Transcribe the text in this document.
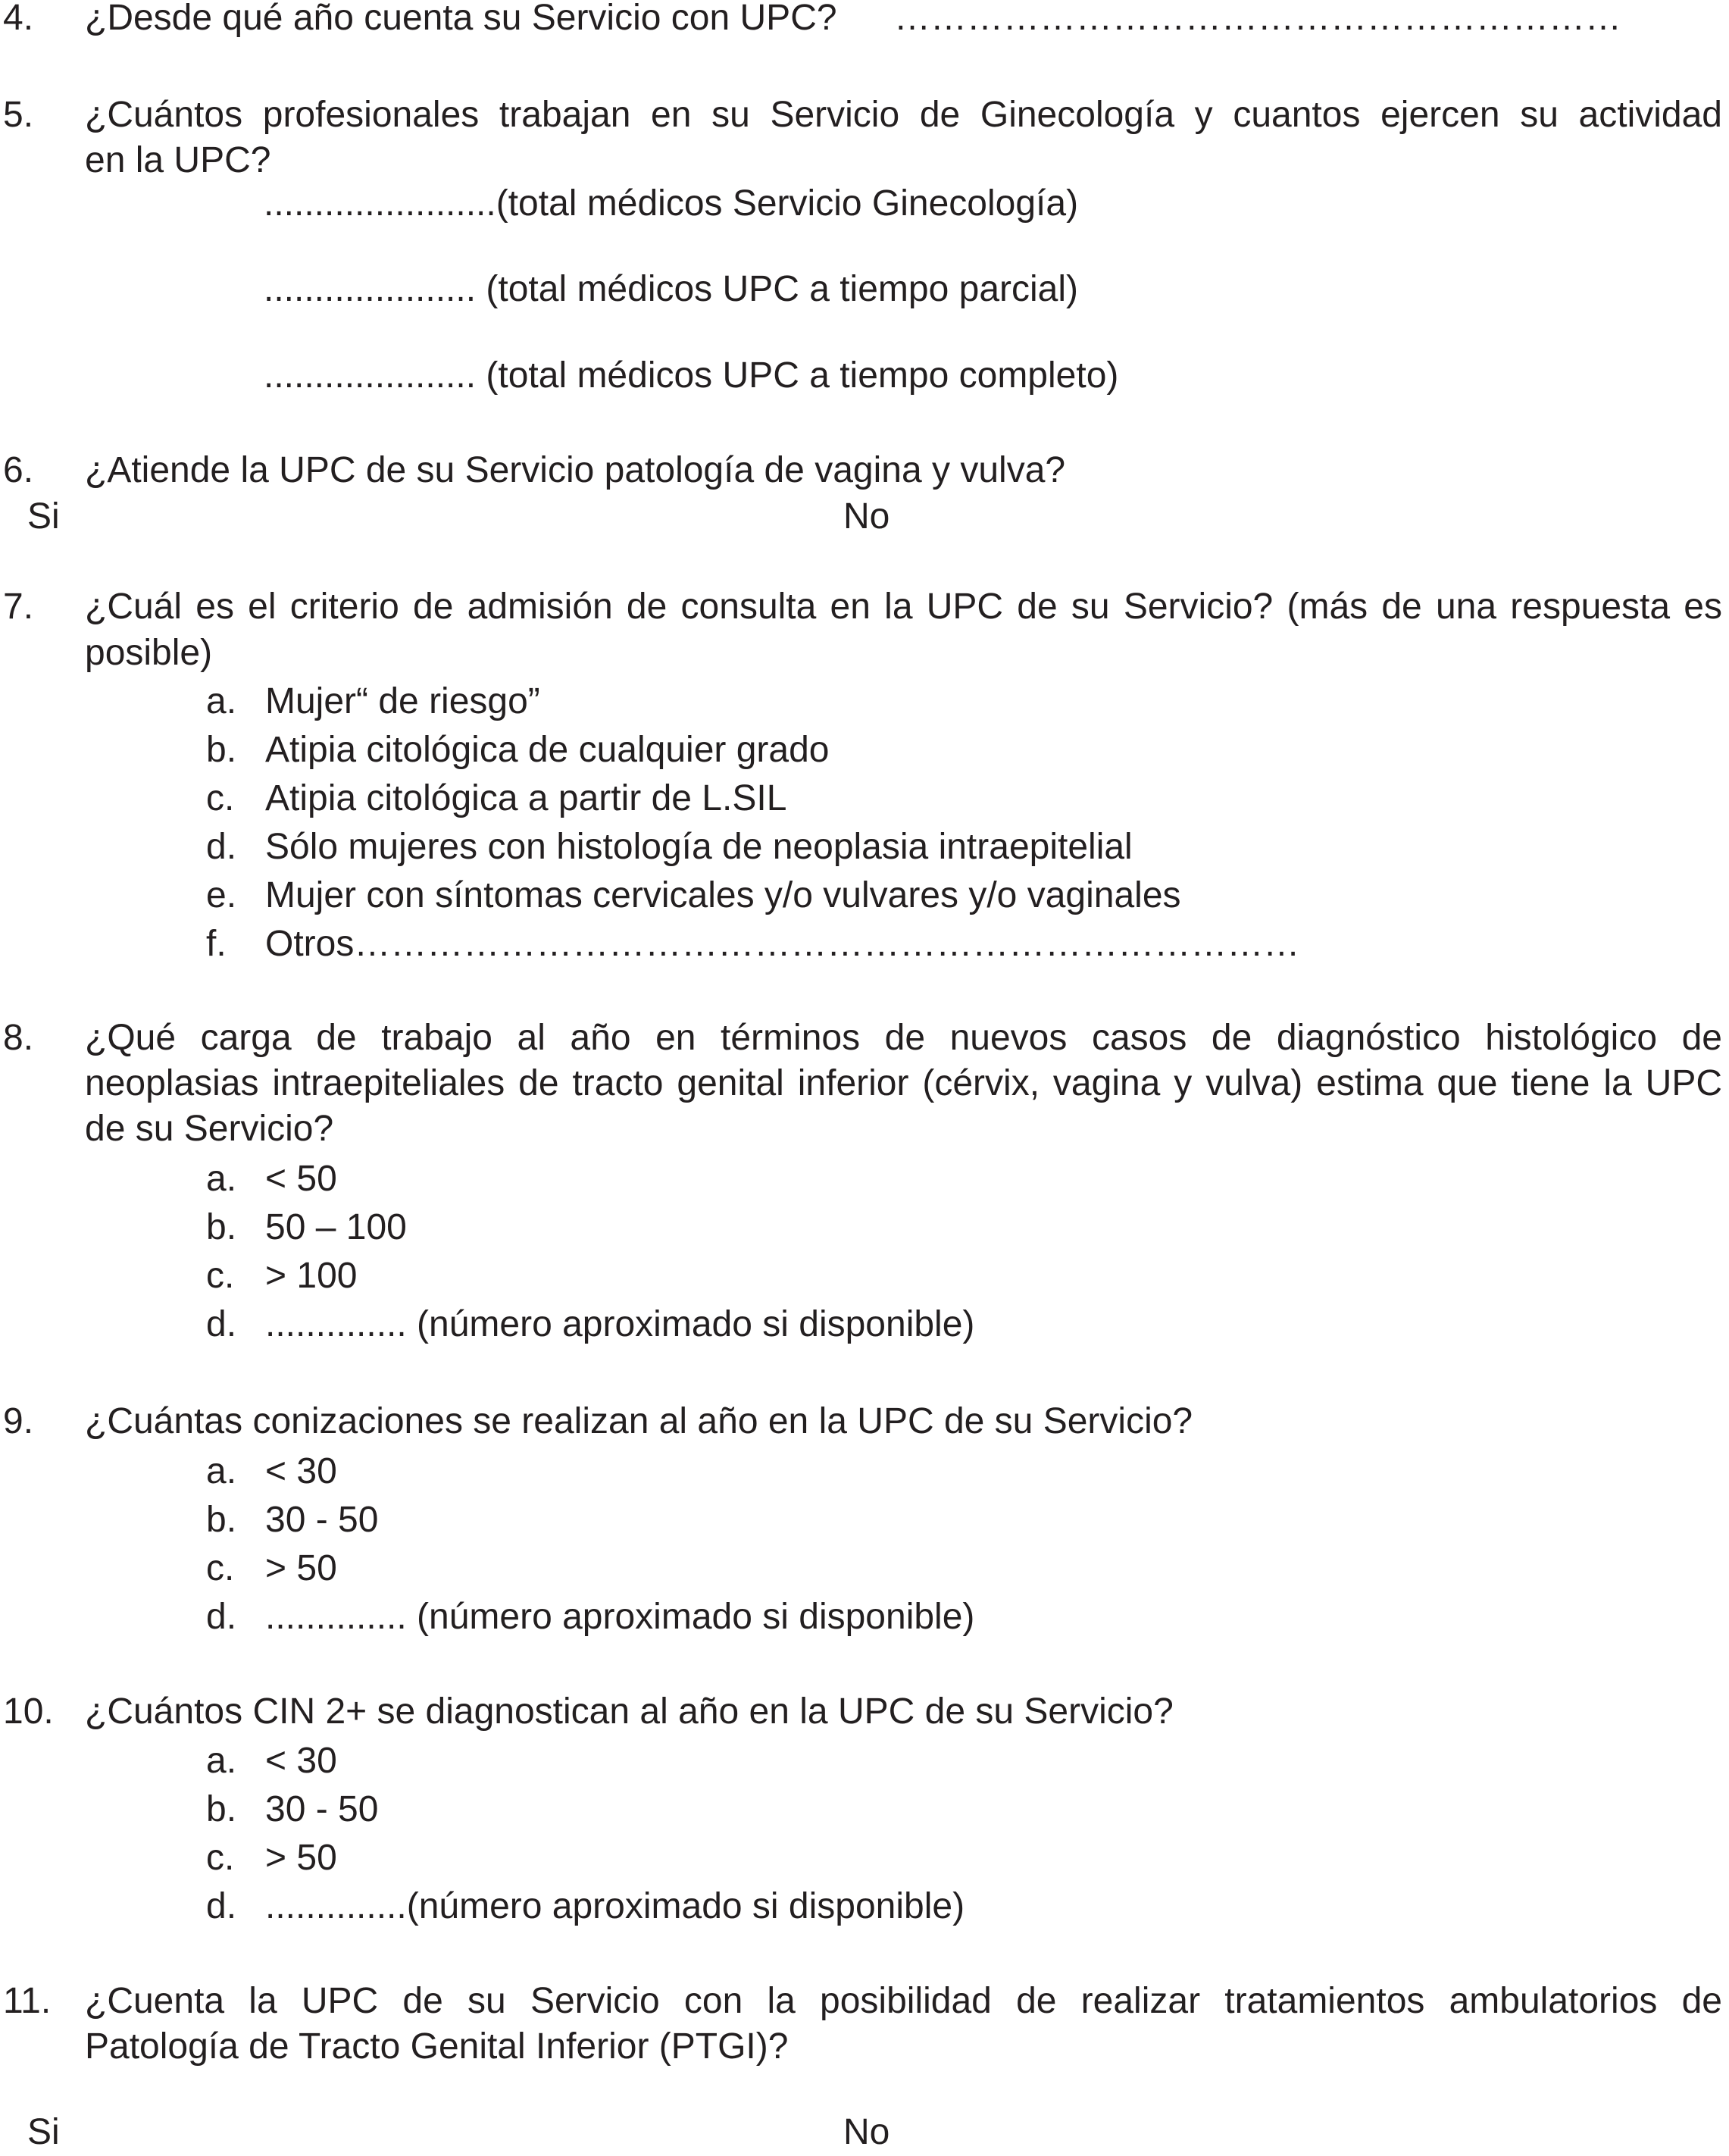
4. ¿Desde qué año cuenta su Servicio con UPC? ……………………………………………………
5. ¿Cuántos profesionales trabajan en su Servicio de Ginecología y cuantos ejercen su actividad
en la UPC?
.......................(total médicos Servicio Ginecología)
..................... (total médicos UPC a tiempo parcial)
..................... (total médicos UPC a tiempo completo)
6. ¿Atiende la UPC de su Servicio patología de vagina y vulva?
Si	No
7. ¿Cuál es el criterio de admisión de consulta en la UPC de su Servicio? (más de una respuesta es
posible)
a. Mujer“ de riesgo”
b. Atipia citológica de cualquier grado
c. Atipia citológica a partir de L.SIL
d. Sólo mujeres con histología de neoplasia intraepitelial
e. Mujer con síntomas cervicales y/o vulvares y/o vaginales
f. Otros……………………………………………………………………
8. ¿Qué carga de trabajo al año en términos de nuevos casos de diagnóstico histológico de
neoplasias intraepiteliales de tracto genital inferior (cérvix, vagina y vulva) estima que tiene la UPC
de su Servicio?
a. < 50
b. 50 – 100
c. > 100
d. .............. (número aproximado si disponible)
9. ¿Cuántas conizaciones se realizan al año en la UPC de su Servicio?
a. < 30
b. 30 - 50
c. > 50
d. .............. (número aproximado si disponible)
10. ¿Cuántos CIN 2+ se diagnostican al año en la UPC de su Servicio?
a. < 30
b. 30 - 50
c. > 50
d. ..............(número aproximado si disponible)
11. ¿Cuenta la UPC de su Servicio con la posibilidad de realizar tratamientos ambulatorios de
Patología de Tracto Genital Inferior (PTGI)?
Si	No
